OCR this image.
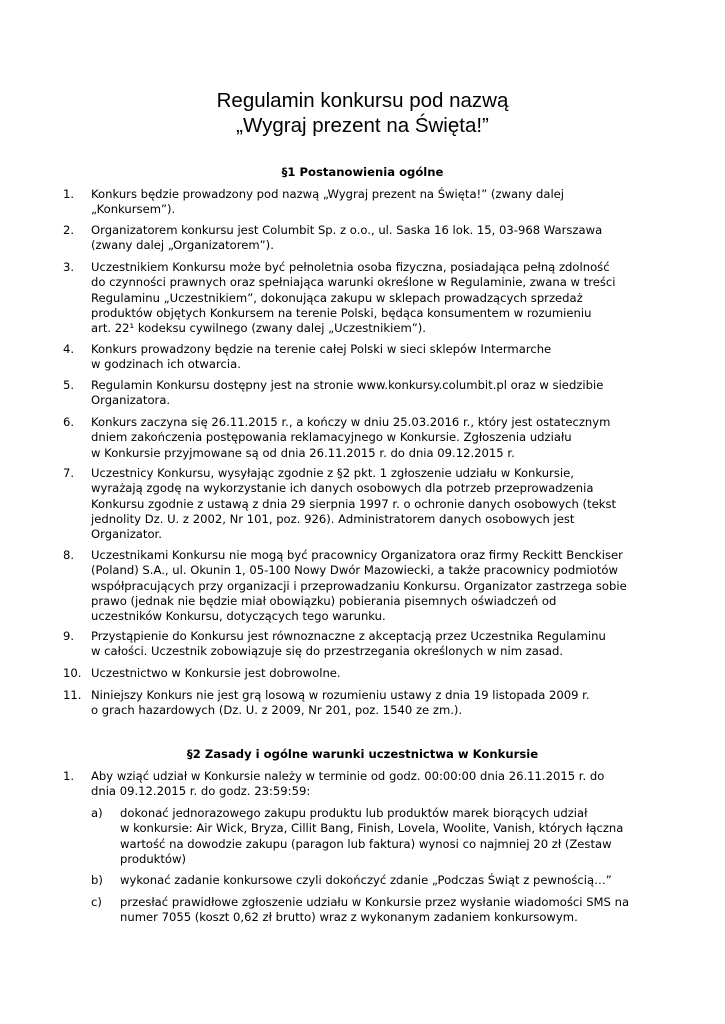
Regulamin konkursu pod nazwą
„Wygraj prezent na Święta!”
§1 Postanowienia ogólne
1. Konkurs będzie prowadzony pod nazwą „Wygraj prezent na Święta!” (zwany dalej
„Konkursem”).
2. Organizatorem konkursu jest Columbit Sp. z o.o., ul. Saska 16 lok. 15, 03-968 Warszawa
(zwany dalej „Organizatorem”).
3. Uczestnikiem Konkursu może być pełnoletnia osoba fizyczna, posiadająca pełną zdolność
do czynności prawnych oraz spełniająca warunki określone w Regulaminie, zwana w treści
Regulaminu „Uczestnikiem”, dokonująca zakupu w sklepach prowadzących sprzedaż
produktów objętych Konkursem na terenie Polski, będąca konsumentem w rozumieniu
art. 22¹ kodeksu cywilnego (zwany dalej „Uczestnikiem”).
4. Konkurs prowadzony będzie na terenie całej Polski w sieci sklepów Intermarche
w godzinach ich otwarcia.
5. Regulamin Konkursu dostępny jest na stronie www.konkursy.columbit.pl oraz w siedzibie
Organizatora.
6. Konkurs zaczyna się 26.11.2015 r., a kończy w dniu 25.03.2016 r., który jest ostatecznym
dniem zakończenia postępowania reklamacyjnego w Konkursie. Zgłoszenia udziału
w Konkursie przyjmowane są od dnia 26.11.2015 r. do dnia 09.12.2015 r.
7. Uczestnicy Konkursu, wysyłając zgodnie z §2 pkt. 1 zgłoszenie udziału w Konkursie,
wyrażają zgodę na wykorzystanie ich danych osobowych dla potrzeb przeprowadzenia
Konkursu zgodnie z ustawą z dnia 29 sierpnia 1997 r. o ochronie danych osobowych (tekst
jednolity Dz. U. z 2002, Nr 101, poz. 926). Administratorem danych osobowych jest
Organizator.
8. Uczestnikami Konkursu nie mogą być pracownicy Organizatora oraz firmy Reckitt Benckiser
(Poland) S.A., ul. Okunin 1, 05-100 Nowy Dwór Mazowiecki, a także pracownicy podmiotów
współpracujących przy organizacji i przeprowadzaniu Konkursu. Organizator zastrzega sobie
prawo (jednak nie będzie miał obowiązku) pobierania pisemnych oświadczeń od
uczestników Konkursu, dotyczących tego warunku.
9. Przystąpienie do Konkursu jest równoznaczne z akceptacją przez Uczestnika Regulaminu
w całości. Uczestnik zobowiązuje się do przestrzegania określonych w nim zasad.
10. Uczestnictwo w Konkursie jest dobrowolne.
11. Niniejszy Konkurs nie jest grą losową w rozumieniu ustawy z dnia 19 listopada 2009 r.
o grach hazardowych (Dz. U. z 2009, Nr 201, poz. 1540 ze zm.).
§2 Zasady i ogólne warunki uczestnictwa w Konkursie
1. Aby wziąć udział w Konkursie należy w terminie od godz. 00:00:00 dnia 26.11.2015 r. do
dnia 09.12.2015 r. do godz. 23:59:59:
a) dokonać jednorazowego zakupu produktu lub produktów marek biorących udział
w konkursie: Air Wick, Bryza, Cillit Bang, Finish, Lovela, Woolite, Vanish, których łączna
wartość na dowodzie zakupu (paragon lub faktura) wynosi co najmniej 20 zł (Zestaw
produktów)
b) wykonać zadanie konkursowe czyli dokończyć zdanie „Podczas Świąt z pewnością…”
c) przesłać prawidłowe zgłoszenie udziału w Konkursie przez wysłanie wiadomości SMS na
numer 7055 (koszt 0,62 zł brutto) wraz z wykonanym zadaniem konkursowym.
